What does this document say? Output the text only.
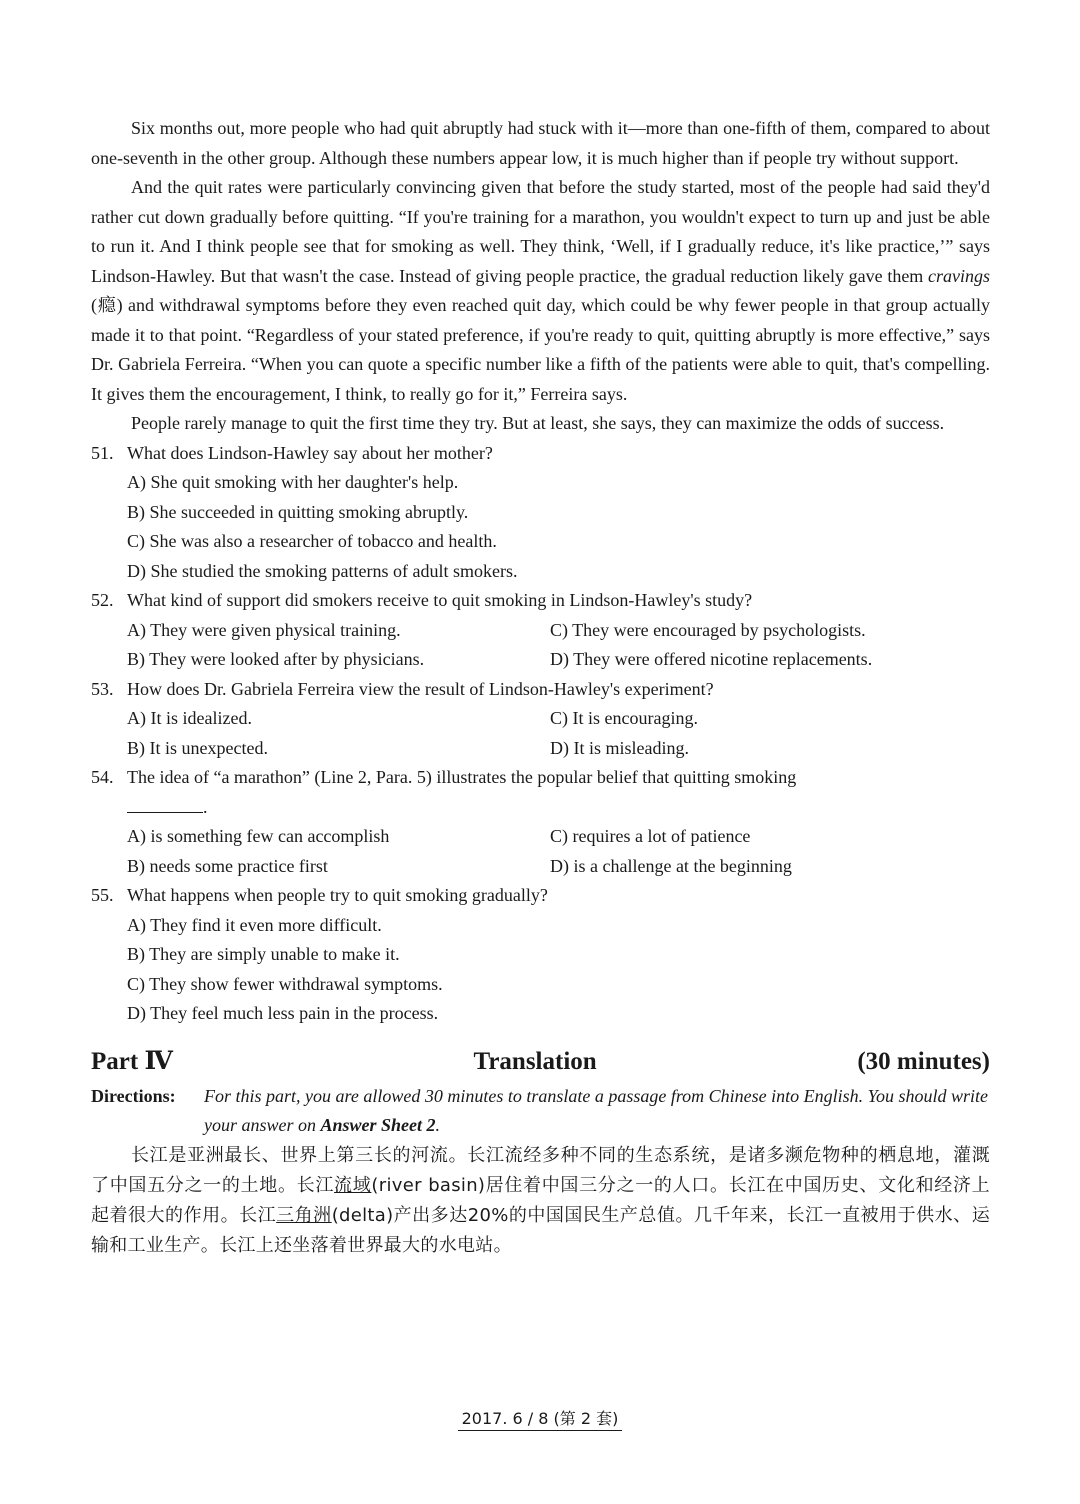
Six months out, more people who had quit abruptly had stuck with it—more than one-fifth of them, compared to about one-seventh in the other group. Although these numbers appear low, it is much higher than if people try without support.

And the quit rates were particularly convincing given that before the study started, most of the people had said they'd rather cut down gradually before quitting. “If you're training for a marathon, you wouldn't expect to turn up and just be able to run it. And I think people see that for smoking as well. They think, ‘Well, if I gradually reduce, it's like practice,’” says Lindson-Hawley. But that wasn't the case. Instead of giving people practice, the gradual reduction likely gave them cravings (瘾) and withdrawal symptoms before they even reached quit day, which could be why fewer people in that group actually made it to that point. “Regardless of your stated preference, if you're ready to quit, quitting abruptly is more effective,” says Dr. Gabriela Ferreira. “When you can quote a specific number like a fifth of the patients were able to quit, that's compelling. It gives them the encouragement, I think, to really go for it,” Ferreira says.

People rarely manage to quit the first time they try. But at least, she says, they can maximize the odds of success.

51. What does Lindson-Hawley say about her mother?
A) She quit smoking with her daughter's help.
B) She succeeded in quitting smoking abruptly.
C) She was also a researcher of tobacco and health.
D) She studied the smoking patterns of adult smokers.
52. What kind of support did smokers receive to quit smoking in Lindson-Hawley's study?
A) They were given physical training.	C) They were encouraged by psychologists.
B) They were looked after by physicians.	D) They were offered nicotine replacements.
53. How does Dr. Gabriela Ferreira view the result of Lindson-Hawley's experiment?
A) It is idealized.	C) It is encouraging.
B) It is unexpected.	D) It is misleading.
54. The idea of “a marathon” (Line 2, Para. 5) illustrates the popular belief that quitting smoking
.
A) is something few can accomplish	C) requires a lot of patience
B) needs some practice first	D) is a challenge at the beginning
55. What happens when people try to quit smoking gradually?
A) They find it even more difficult.
B) They are simply unable to make it.
C) They show fewer withdrawal symptoms.
D) They feel much less pain in the process.
Part Ⅳ	Translation	(30 minutes)
Directions: For this part, you are allowed 30 minutes to translate a passage from Chinese into English. You should write your answer on Answer Sheet 2.

长江是亚洲最长、世界上第三长的河流。长江流经多种不同的生态系统，是诸多濒危物种的栖息地，灌溉了中国五分之一的土地。长江流域(river basin)居住着中国三分之一的人口。长江在中国历史、文化和经济上起着很大的作用。长江三角洲(delta)产出多达20%的中国国民生产总值。几千年来，长江一直被用于供水、运输和工业生产。长江上还坐落着世界最大的水电站。

2017. 6 / 8 (第 2 套)
